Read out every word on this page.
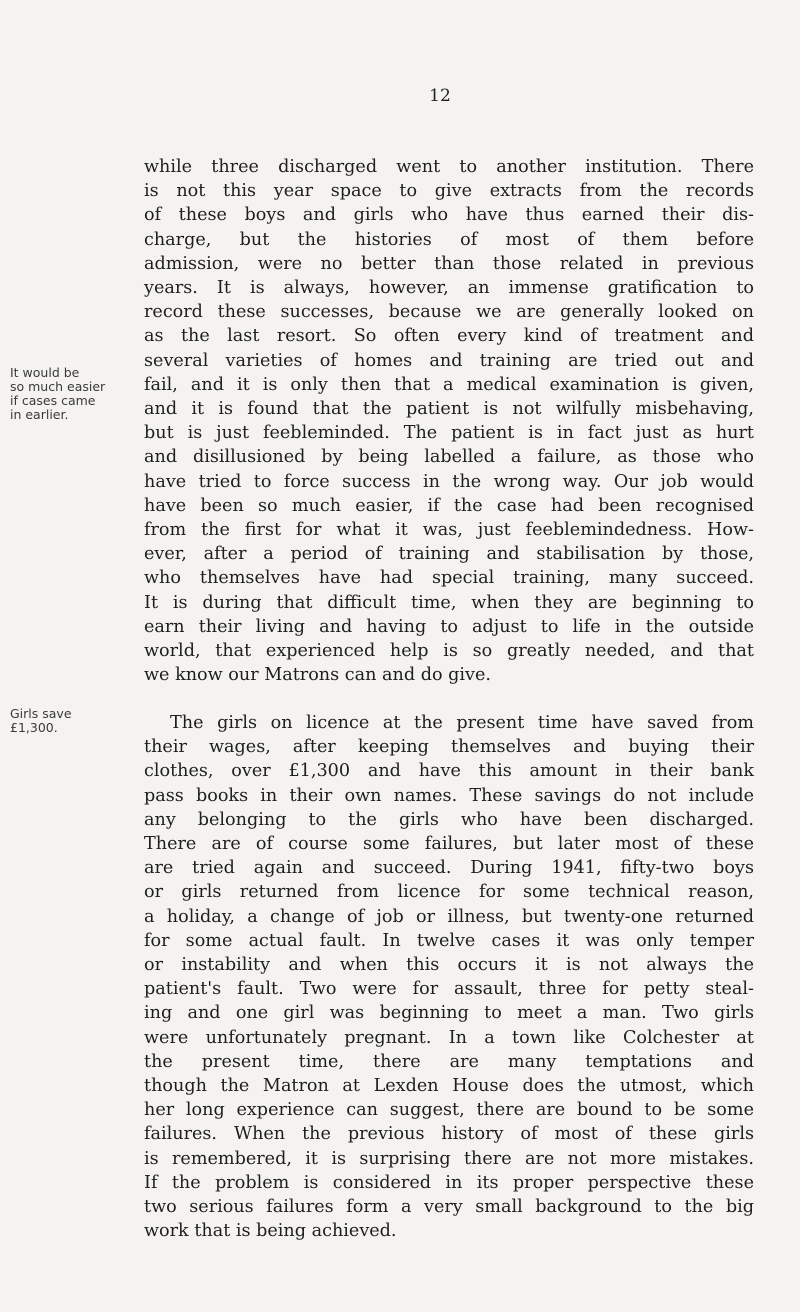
12
It would be
so much easier
if cases came
in earlier.
Girls save
£1,300.
while three discharged went to another institution. There
is not this year space to give extracts from the records
of these boys and girls who have thus earned their dis-
charge, but the histories of most of them before
admission, were no better than those related in previous
years. It is always, however, an immense gratification to
record these successes, because we are generally looked on
as the last resort. So often every kind of treatment and
several varieties of homes and training are tried out and
fail, and it is only then that a medical examination is given,
and it is found that the patient is not wilfully misbehaving,
but is just feebleminded. The patient is in fact just as hurt
and disillusioned by being labelled a failure, as those who
have tried to force success in the wrong way. Our job would
have been so much easier, if the case had been recognised
from the first for what it was, just feeblemindedness. How-
ever, after a period of training and stabilisation by those,
who themselves have had special training, many succeed.
It is during that difficult time, when they are beginning to
earn their living and having to adjust to life in the outside
world, that experienced help is so greatly needed, and that
we know our Matrons can and do give.
The girls on licence at the present time have saved from
their wages, after keeping themselves and buying their
clothes, over £1,300 and have this amount in their bank
pass books in their own names. These savings do not include
any belonging to the girls who have been discharged.
There are of course some failures, but later most of these
are tried again and succeed. During 1941, fifty-two boys
or girls returned from licence for some technical reason,
a holiday, a change of job or illness, but twenty-one returned
for some actual fault. In twelve cases it was only temper
or instability and when this occurs it is not always the
patient's fault. Two were for assault, three for petty steal-
ing and one girl was beginning to meet a man. Two girls
were unfortunately pregnant. In a town like Colchester at
the present time, there are many temptations and
though the Matron at Lexden House does the utmost, which
her long experience can suggest, there are bound to be some
failures. When the previous history of most of these girls
is remembered, it is surprising there are not more mistakes.
If the problem is considered in its proper perspective these
two serious failures form a very small background to the big
work that is being achieved.
